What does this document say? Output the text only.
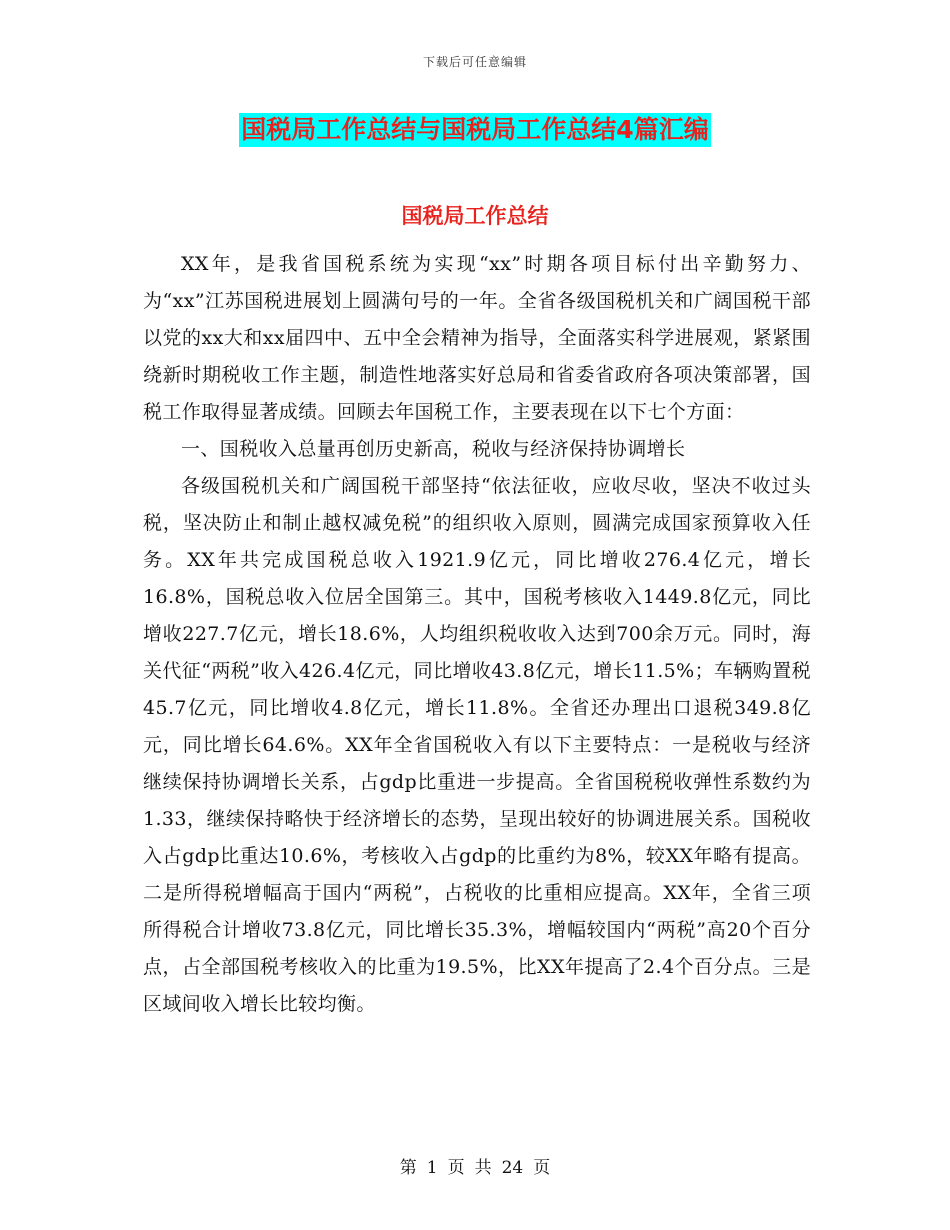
下载后可任意编辑
国税局工作总结与国税局工作总结4篇汇编
国税局工作总结

XX年，是我省国税系统为实现“xx”时期各项目标付出辛勤努力、为“xx”江苏国税进展划上圆满句号的一年。全省各级国税机关和广阔国税干部以党的xx大和xx届四中、五中全会精神为指导，全面落实科学进展观，紧紧围绕新时期税收工作主题，制造性地落实好总局和省委省政府各项决策部署，国税工作取得显著成绩。回顾去年国税工作，主要表现在以下七个方面：

一、国税收入总量再创历史新高，税收与经济保持协调增长

各级国税机关和广阔国税干部坚持“依法征收，应收尽收，坚决不收过头税，坚决防止和制止越权减免税”的组织收入原则，圆满完成国家预算收入任务。XX年共完成国税总收入1921.9亿元，同比增收276.4亿元，增长16.8%，国税总收入位居全国第三。其中，国税考核收入1449.8亿元，同比增收227.7亿元，增长18.6%，人均组织税收收入达到700余万元。同时，海关代征“两税”收入426.4亿元，同比增收43.8亿元，增长11.5%；车辆购置税45.7亿元，同比增收4.8亿元，增长11.8%。全省还办理出口退税349.8亿元，同比增长64.6%。XX年全省国税收入有以下主要特点：一是税收与经济继续保持协调增长关系，占gdp比重进一步提高。全省国税税收弹性系数约为1.33，继续保持略快于经济增长的态势，呈现出较好的协调进展关系。国税收入占gdp比重达10.6%，考核收入占gdp的比重约为8%，较XX年略有提高。二是所得税增幅高于国内“两税”，占税收的比重相应提高。XX年，全省三项所得税合计增收73.8亿元，同比增长35.3%，增幅较国内“两税”高20个百分点，占全部国税考核收入的比重为19.5%，比XX年提高了2.4个百分点。三是区域间收入增长比较均衡。

第 1 页 共 24 页
